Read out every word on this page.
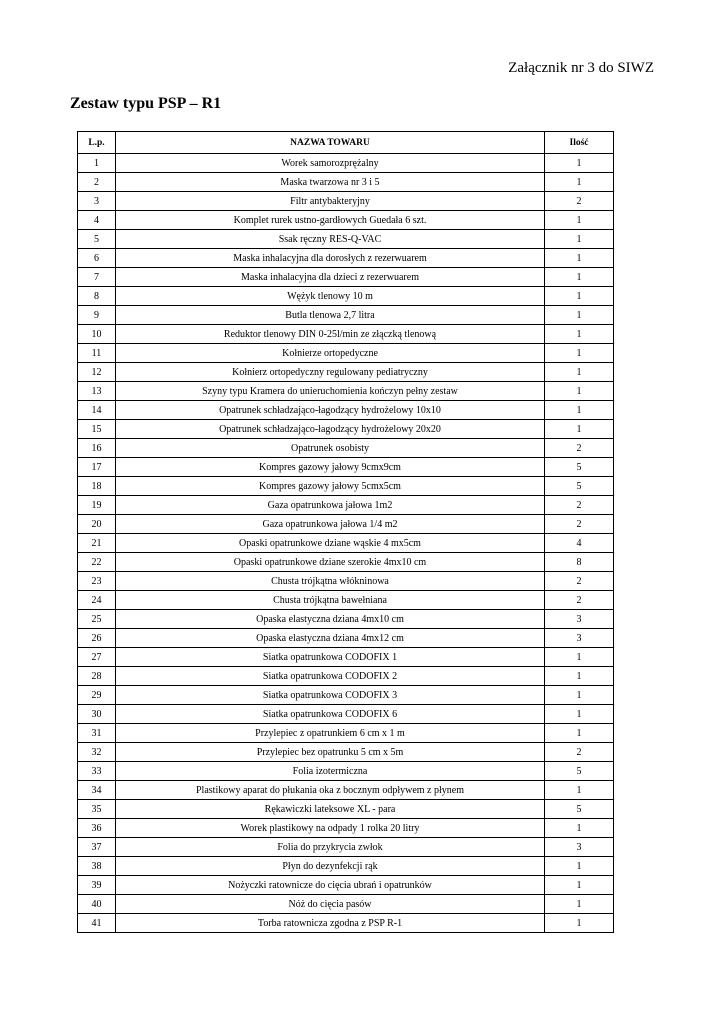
Załącznik nr 3 do SIWZ
Zestaw typu PSP – R1
L.p.	NAZWA TOWARU	Ilość
1	Worek samorozprężalny	1
2	Maska twarzowa nr 3 i 5	1
3	Filtr antybakteryjny	2
4	Komplet rurek ustno-gardłowych Guedała 6 szt.	1
5	Ssak ręczny RES-Q-VAC	1
6	Maska inhalacyjna dla dorosłych z rezerwuarem	1
7	Maska inhalacyjna dla dzieci z rezerwuarem	1
8	Wężyk tlenowy 10 m	1
9	Butla tlenowa 2,7 litra	1
10	Reduktor tlenowy DIN 0-25l/min ze złączką tlenową	1
11	Kołnierze ortopedyczne	1
12	Kołnierz ortopedyczny regulowany pediatryczny	1
13	Szyny typu Kramera do unieruchomienia kończyn pełny zestaw	1
14	Opatrunek schładzająco-łagodzący hydrożelowy 10x10	1
15	Opatrunek schładzająco-łagodzący hydrożelowy 20x20	1
16	Opatrunek osobisty	2
17	Kompres gazowy jałowy 9cmx9cm	5
18	Kompres gazowy jałowy 5cmx5cm	5
19	Gaza opatrunkowa jałowa 1m2	2
20	Gaza opatrunkowa jałowa 1/4 m2	2
21	Opaski opatrunkowe dziane wąskie 4 mx5cm	4
22	Opaski opatrunkowe dziane szerokie 4mx10 cm	8
23	Chusta trójkątna włókninowa	2
24	Chusta trójkątna bawełniana	2
25	Opaska elastyczna dziana 4mx10 cm	3
26	Opaska elastyczna dziana 4mx12 cm	3
27	Siatka opatrunkowa CODOFIX 1	1
28	Siatka opatrunkowa CODOFIX 2	1
29	Siatka opatrunkowa CODOFIX 3	1
30	Siatka opatrunkowa CODOFIX 6	1
31	Przylepiec z opatrunkiem 6 cm x 1 m	1
32	Przylepiec bez opatrunku 5 cm x 5m	2
33	Folia izotermiczna	5
34	Plastikowy aparat do płukania oka z bocznym odpływem z płynem	1
35	Rękawiczki lateksowe XL - para	5
36	Worek plastikowy na odpady 1 rolka 20 litry	1
37	Folia do przykrycia zwłok	3
38	Płyn do dezynfekcji rąk	1
39	Nożyczki ratownicze do cięcia ubrań i opatrunków	1
40	Nóż do cięcia pasów	1
41	Torba ratownicza zgodna z PSP R-1	1
